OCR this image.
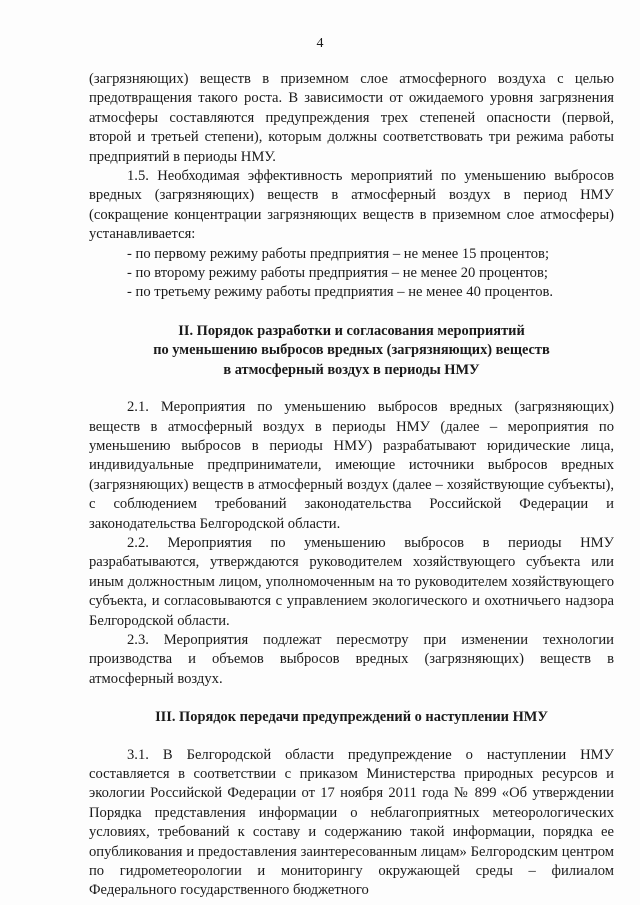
4

(загрязняющих) веществ в приземном слое атмосферного воздуха с целью предотвращения такого роста. В зависимости от ожидаемого уровня загрязнения атмосферы составляются предупреждения трех степеней опасности (первой, второй и третьей степени), которым должны соответствовать три режима работы предприятий в периоды НМУ.

1.5. Необходимая эффективность мероприятий по уменьшению выбросов вредных (загрязняющих) веществ в атмосферный воздух в период НМУ (сокращение концентрации загрязняющих веществ в приземном слое атмосферы) устанавливается:

- по первому режиму работы предприятия – не менее 15 процентов;

- по второму режиму работы предприятия – не менее 20 процентов;

- по третьему режиму работы предприятия – не менее 40 процентов.

II. Порядок разработки и согласования мероприятий
по уменьшению выбросов вредных (загрязняющих) веществ
в атмосферный воздух в периоды НМУ

2.1. Мероприятия по уменьшению выбросов вредных (загрязняющих) веществ в атмосферный воздух в периоды НМУ (далее – мероприятия по уменьшению выбросов в периоды НМУ) разрабатывают юридические лица, индивидуальные предприниматели, имеющие источники выбросов вредных (загрязняющих) веществ в атмосферный воздух (далее – хозяйствующие субъекты), с соблюдением требований законодательства Российской Федерации и законодательства Белгородской области.

2.2. Мероприятия по уменьшению выбросов в периоды НМУ разрабатываются, утверждаются руководителем хозяйствующего субъекта или иным должностным лицом, уполномоченным на то руководителем хозяйствующего субъекта, и согласовываются с управлением экологического и охотничьего надзора Белгородской области.

2.3. Мероприятия подлежат пересмотру при изменении технологии производства и объемов выбросов вредных (загрязняющих) веществ в атмосферный воздух.

III. Порядок передачи предупреждений о наступлении НМУ

3.1. В Белгородской области предупреждение о наступлении НМУ составляется в соответствии с приказом Министерства природных ресурсов и экологии Российской Федерации от 17 ноября 2011 года № 899 «Об утверждении Порядка представления информации о неблагоприятных метеорологических условиях, требований к составу и содержанию такой информации, порядка ее опубликования и предоставления заинтересованным лицам» Белгородским центром по гидрометеорологии и мониторингу окружающей среды – филиалом Федерального государственного бюджетного
